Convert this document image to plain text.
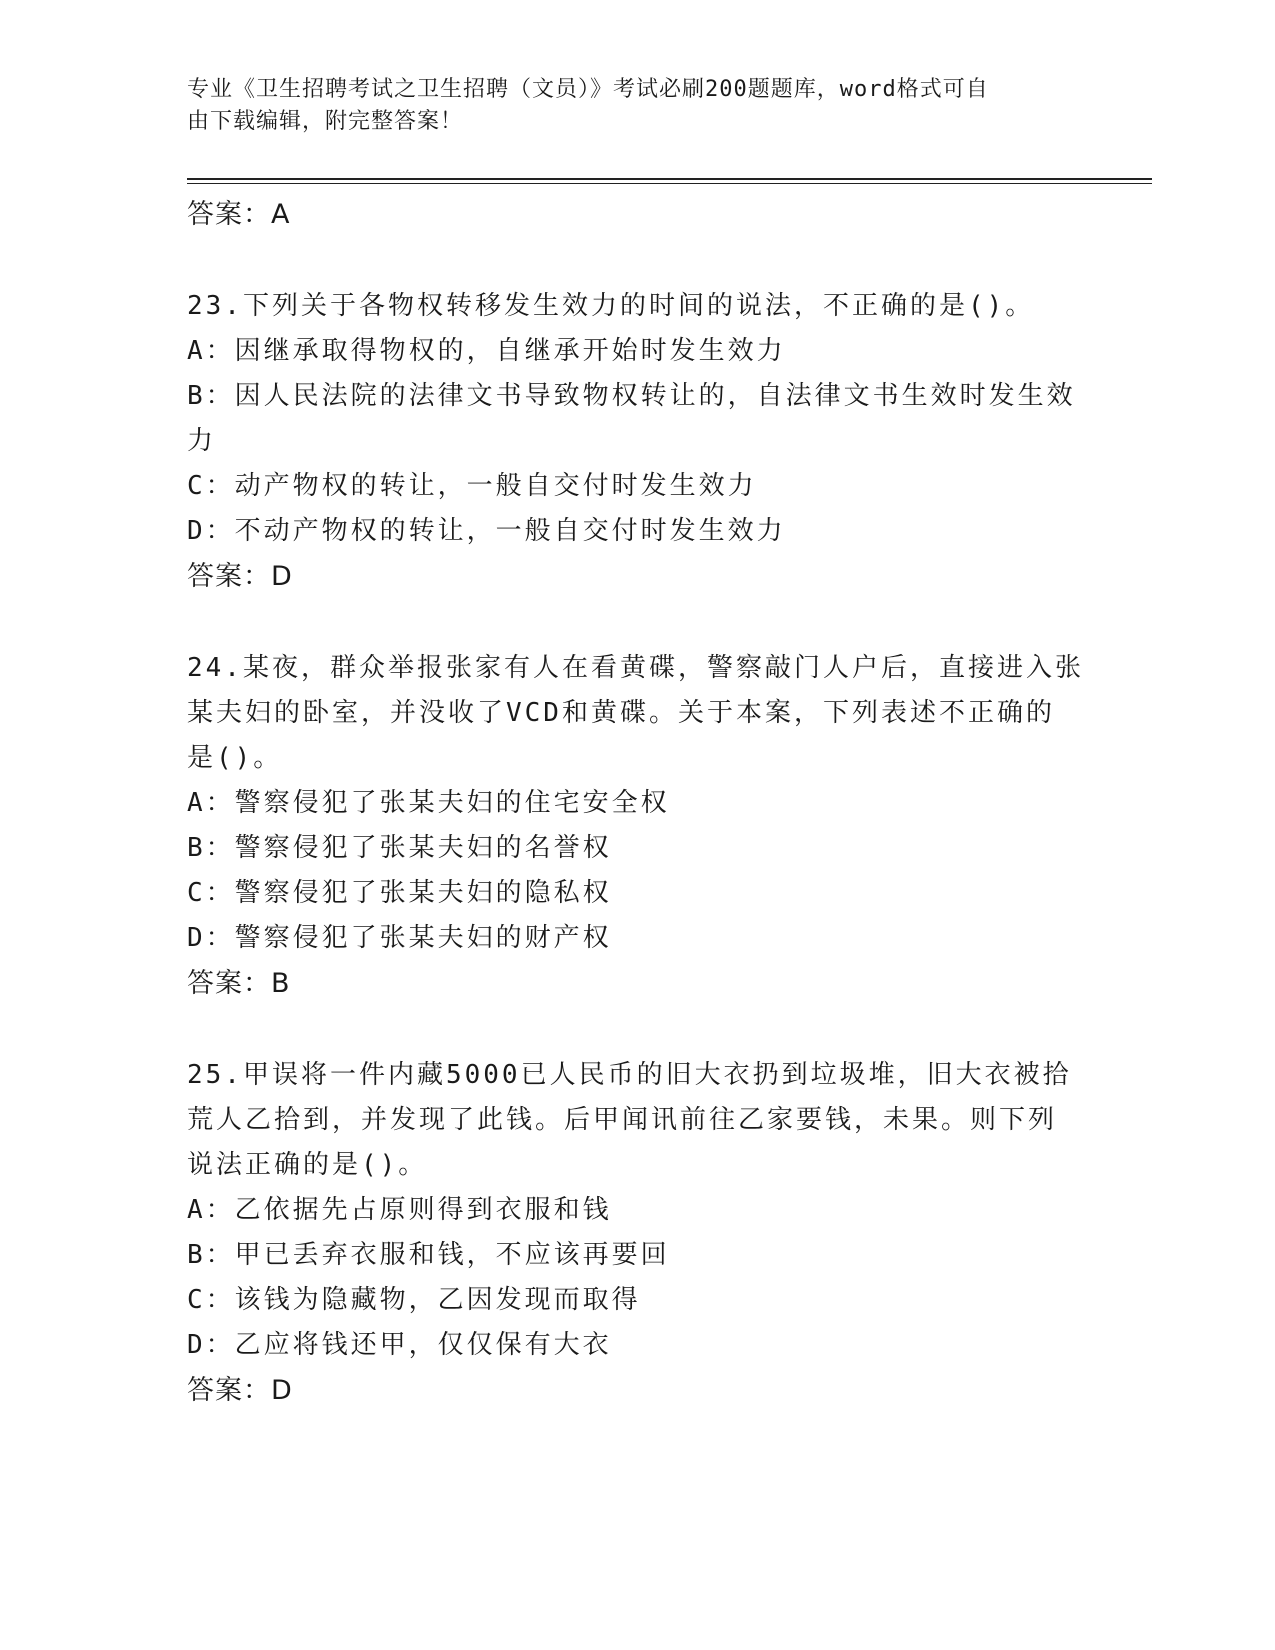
专业《卫生招聘考试之卫生招聘（文员）》考试必刷200题题库，word格式可自
由下载编辑，附完整答案！
答案：A
23.下列关于各物权转移发生效力的时间的说法，不正确的是()。
A：因继承取得物权的，自继承开始时发生效力
B：因人民法院的法律文书导致物权转让的，自法律文书生效时发生效
力
C：动产物权的转让，一般自交付时发生效力
D：不动产物权的转让，一般自交付时发生效力
答案：D
24.某夜，群众举报张家有人在看黄碟，警察敲门人户后，直接进入张
某夫妇的卧室，并没收了VCD和黄碟。关于本案，下列表述不正确的
是()。
A：警察侵犯了张某夫妇的住宅安全权
B：警察侵犯了张某夫妇的名誉权
C：警察侵犯了张某夫妇的隐私权
D：警察侵犯了张某夫妇的财产权
答案：B
25.甲误将一件内藏5000已人民币的旧大衣扔到垃圾堆，旧大衣被拾
荒人乙拾到，并发现了此钱。后甲闻讯前往乙家要钱，未果。则下列
说法正确的是()。
A：乙依据先占原则得到衣服和钱
B：甲已丢弃衣服和钱，不应该再要回
C：该钱为隐藏物，乙因发现而取得
D：乙应将钱还甲，仅仅保有大衣
答案：D
